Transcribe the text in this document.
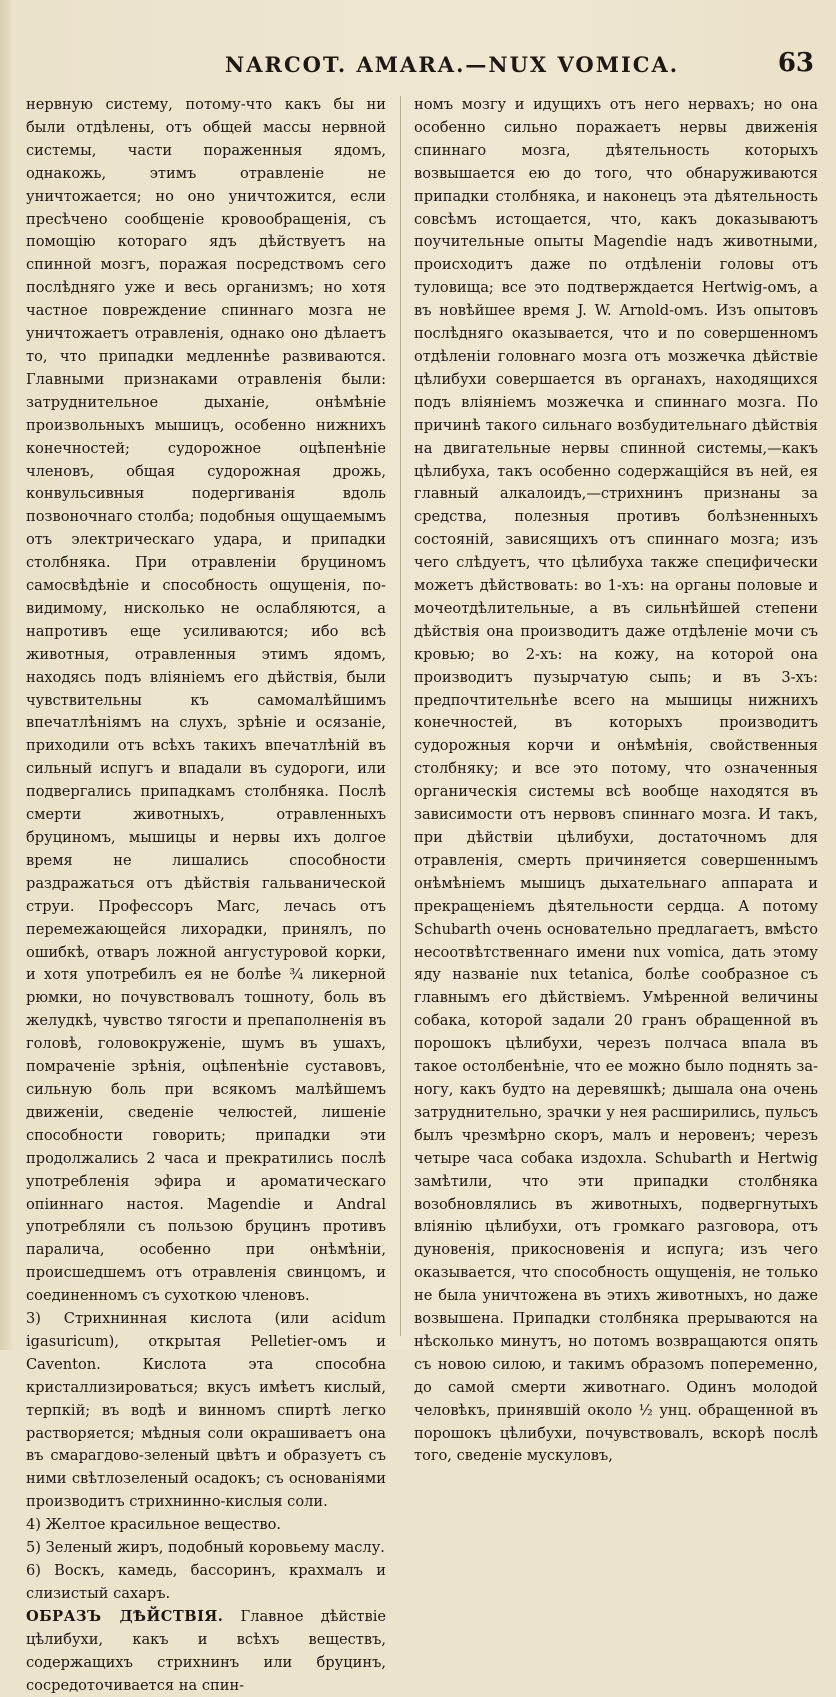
NARCOT. AMARA.—NUX VOMICA.	63

нервную систему, потому-что какъ бы ни были отдѣлены, отъ общей массы нервной системы, части пораженныя ядомъ, однакожь, этимъ отравленіе не уничтожается; но оно уничтожится, если пресѣчено сообщеніе кровообращенія, съ помощію котораго ядъ дѣйствуетъ на спинной мозгъ, поражая посредствомъ сего послѣдняго уже и весь организмъ; но хотя частное повреждение спиннаго мозга не уничтожаетъ отравленія, однако оно дѣлаетъ то, что припадки медленнѣе развиваются. Главными признаками отравленія были: затруднительное дыханіе, онѣмѣніе произвольныхъ мышицъ, особенно нижнихъ конечностей; судорожное оцѣпенѣніе членовъ, общая судорожная дрожь, конвульсивныя подергиванія вдоль позвоночнаго столба; подобныя ощущаемымъ отъ электрическаго удара, и припадки столбняка. При отравленіи бруциномъ самосвѣдѣніе и способность ощущенія, по-видимому, нисколько не ослабляются, а напротивъ еще усиливаются; ибо всѣ животныя, отравленныя этимъ ядомъ, находясь подъ вліяніемъ его дѣйствія, были чувствительны къ самомалѣйшимъ впечатлѣніямъ на слухъ, зрѣніе и осязаніе, приходили отъ всѣхъ такихъ впечатлѣній въ сильный испугъ и впадали въ судороги, или подвергались припадкамъ столбняка. Послѣ смерти животныхъ, отравленныхъ бруциномъ, мышицы и нервы ихъ долгое время не лишались способности раздражаться отъ дѣйствія гальванической струи. Профессоръ Маrс, лечась отъ перемежающейся лихорадки, принялъ, по ошибкѣ, отваръ ложной ангустуровой корки, и хотя употребилъ ея не болѣе ¾ ликерной рюмки, но почувствовалъ тошноту, боль въ желудкѣ, чувство тягости и препаполненія въ головѣ, головокруженіе, шумъ въ ушахъ, помраченіе зрѣнія, оцѣпенѣніе суставовъ, сильную боль при всякомъ малѣйшемъ движеніи, сведеніе челюстей, лишеніе способности говорить; припадки эти продолжались 2 часа и прекратились послѣ употребленія эфира и ароматическаго опіиннаго настоя. Magendie и Andral употребляли съ пользою бруцинъ противъ паралича, особенно при онѣмѣніи, происшедшемъ отъ отравленія свинцомъ, и соединенномъ съ сухоткою членовъ.

3) Стрихнинная кислота (или acidum igasuricum), открытая Pelletier-омъ и Caventon. Кислота эта способна кристаллизироваться; вкусъ имѣетъ кислый, терпкій; въ водѣ и винномъ спиртѣ легко растворяется; мѣдныя соли окрашиваетъ она въ смарагдово-зеленый цвѣтъ и образуетъ съ ними свѣтлозеленый осадокъ; съ основаніями производитъ стрихнинно-кислыя соли.

4) Желтое красильное вещество.

5) Зеленый жиръ, подобный коровьему маслу.

6) Воскъ, камедь, бассоринъ, крахмалъ и слизистый сахаръ.

ОБРАЗЪ ДѢЙСТВІЯ. Главное дѣйствіе цѣлибухи, какъ и всѣхъ веществъ, содержащихъ стрихнинъ или бруцинъ, сосредоточивается на спин-

номъ мозгу и идущихъ отъ него нервахъ; но она особенно сильно поражаетъ нервы движенія спиннаго мозга, дѣятельность которыхъ возвышается ею до того, что обнаруживаются припадки столбняка, и наконецъ эта дѣятельность совсѣмъ истощается, что, какъ доказываютъ поучительные опыты Magendie надъ животными, происходитъ даже по отдѣленіи головы отъ туловища; все это подтверждается Hertwig-омъ, а въ новѣйшее время J. W. Arnold-омъ. Изъ опытовъ послѣдняго оказывается, что и по совершенномъ отдѣленіи головнаго мозга отъ мозжечка дѣйствіе цѣлибухи совершается въ органахъ, находящихся подъ вліяніемъ мозжечка и спиннаго мозга. По причинѣ такого сильнаго возбудительнаго дѣйствія на двигательные нервы спинной системы,—какъ цѣлибуха, такъ особенно содержащійся въ ней, ея главный алкалоидъ,—стрихнинъ признаны за средства, полезныя противъ болѣзненныхъ состояній, зависящихъ отъ спиннаго мозга; изъ чего слѣдуетъ, что цѣлибуха также специфически можетъ дѣйствовать: во 1-хъ: на органы половые и мочеотдѣлительные, а въ сильнѣйшей степени дѣйствія она производитъ даже отдѣленіе мочи съ кровью; во 2-хъ: на кожу, на которой она производитъ пузырчатую сыпь; и въ 3-хъ: предпочтительнѣе всего на мышицы нижнихъ конечностей, въ которыхъ производитъ судорожныя корчи и онѣмѣнія, свойственныя столбняку; и все это потому, что означенныя органическія системы всѣ вообще находятся въ зависимости отъ нервовъ спиннаго мозга. И такъ, при дѣйствіи цѣлибухи, достаточномъ для отравленія, смерть причиняется совершеннымъ онѣмѣніемъ мышицъ дыхательнаго аппарата и прекращеніемъ дѣятельности сердца. А потому Schubarth очень основательно предлагаетъ, вмѣсто несоотвѣтственнаго имени nux vomica, дать этому яду названіе nux tetanica, болѣе сообразное съ главнымъ его дѣйствіемъ. Умѣренной величины собака, которой задали 20 гранъ обращенной въ порошокъ цѣлибухи, черезъ полчаса впала въ такое остолбенѣніе, что ее можно было поднять за-ногу, какъ будто на деревяшкѣ; дышала она очень затруднительно, зрачки у нея расширились, пульсъ былъ чрезмѣрно скоръ, малъ и неровенъ; черезъ четыре часа собака издохла. Schubarth и Hertwig замѣтили, что эти припадки столбняка возобновлялись въ животныхъ, подвергнутыхъ вліянію цѣлибухи, отъ громкаго разговора, отъ дуновенія, прикосновенія и испуга; изъ чего оказывается, что способность ощущенія, не только не была уничтожена въ этихъ животныхъ, но даже возвышена. Припадки столбняка прерываются на нѣсколько минутъ, но потомъ возвращаются опять съ новою силою, и такимъ образомъ попеременно, до самой смерти животнаго. Одинъ молодой человѣкъ, принявшій около ½ унц. обращенной въ порошокъ цѣлибухи, почувствовалъ, вскорѣ послѣ того, сведеніе мускуловъ,
